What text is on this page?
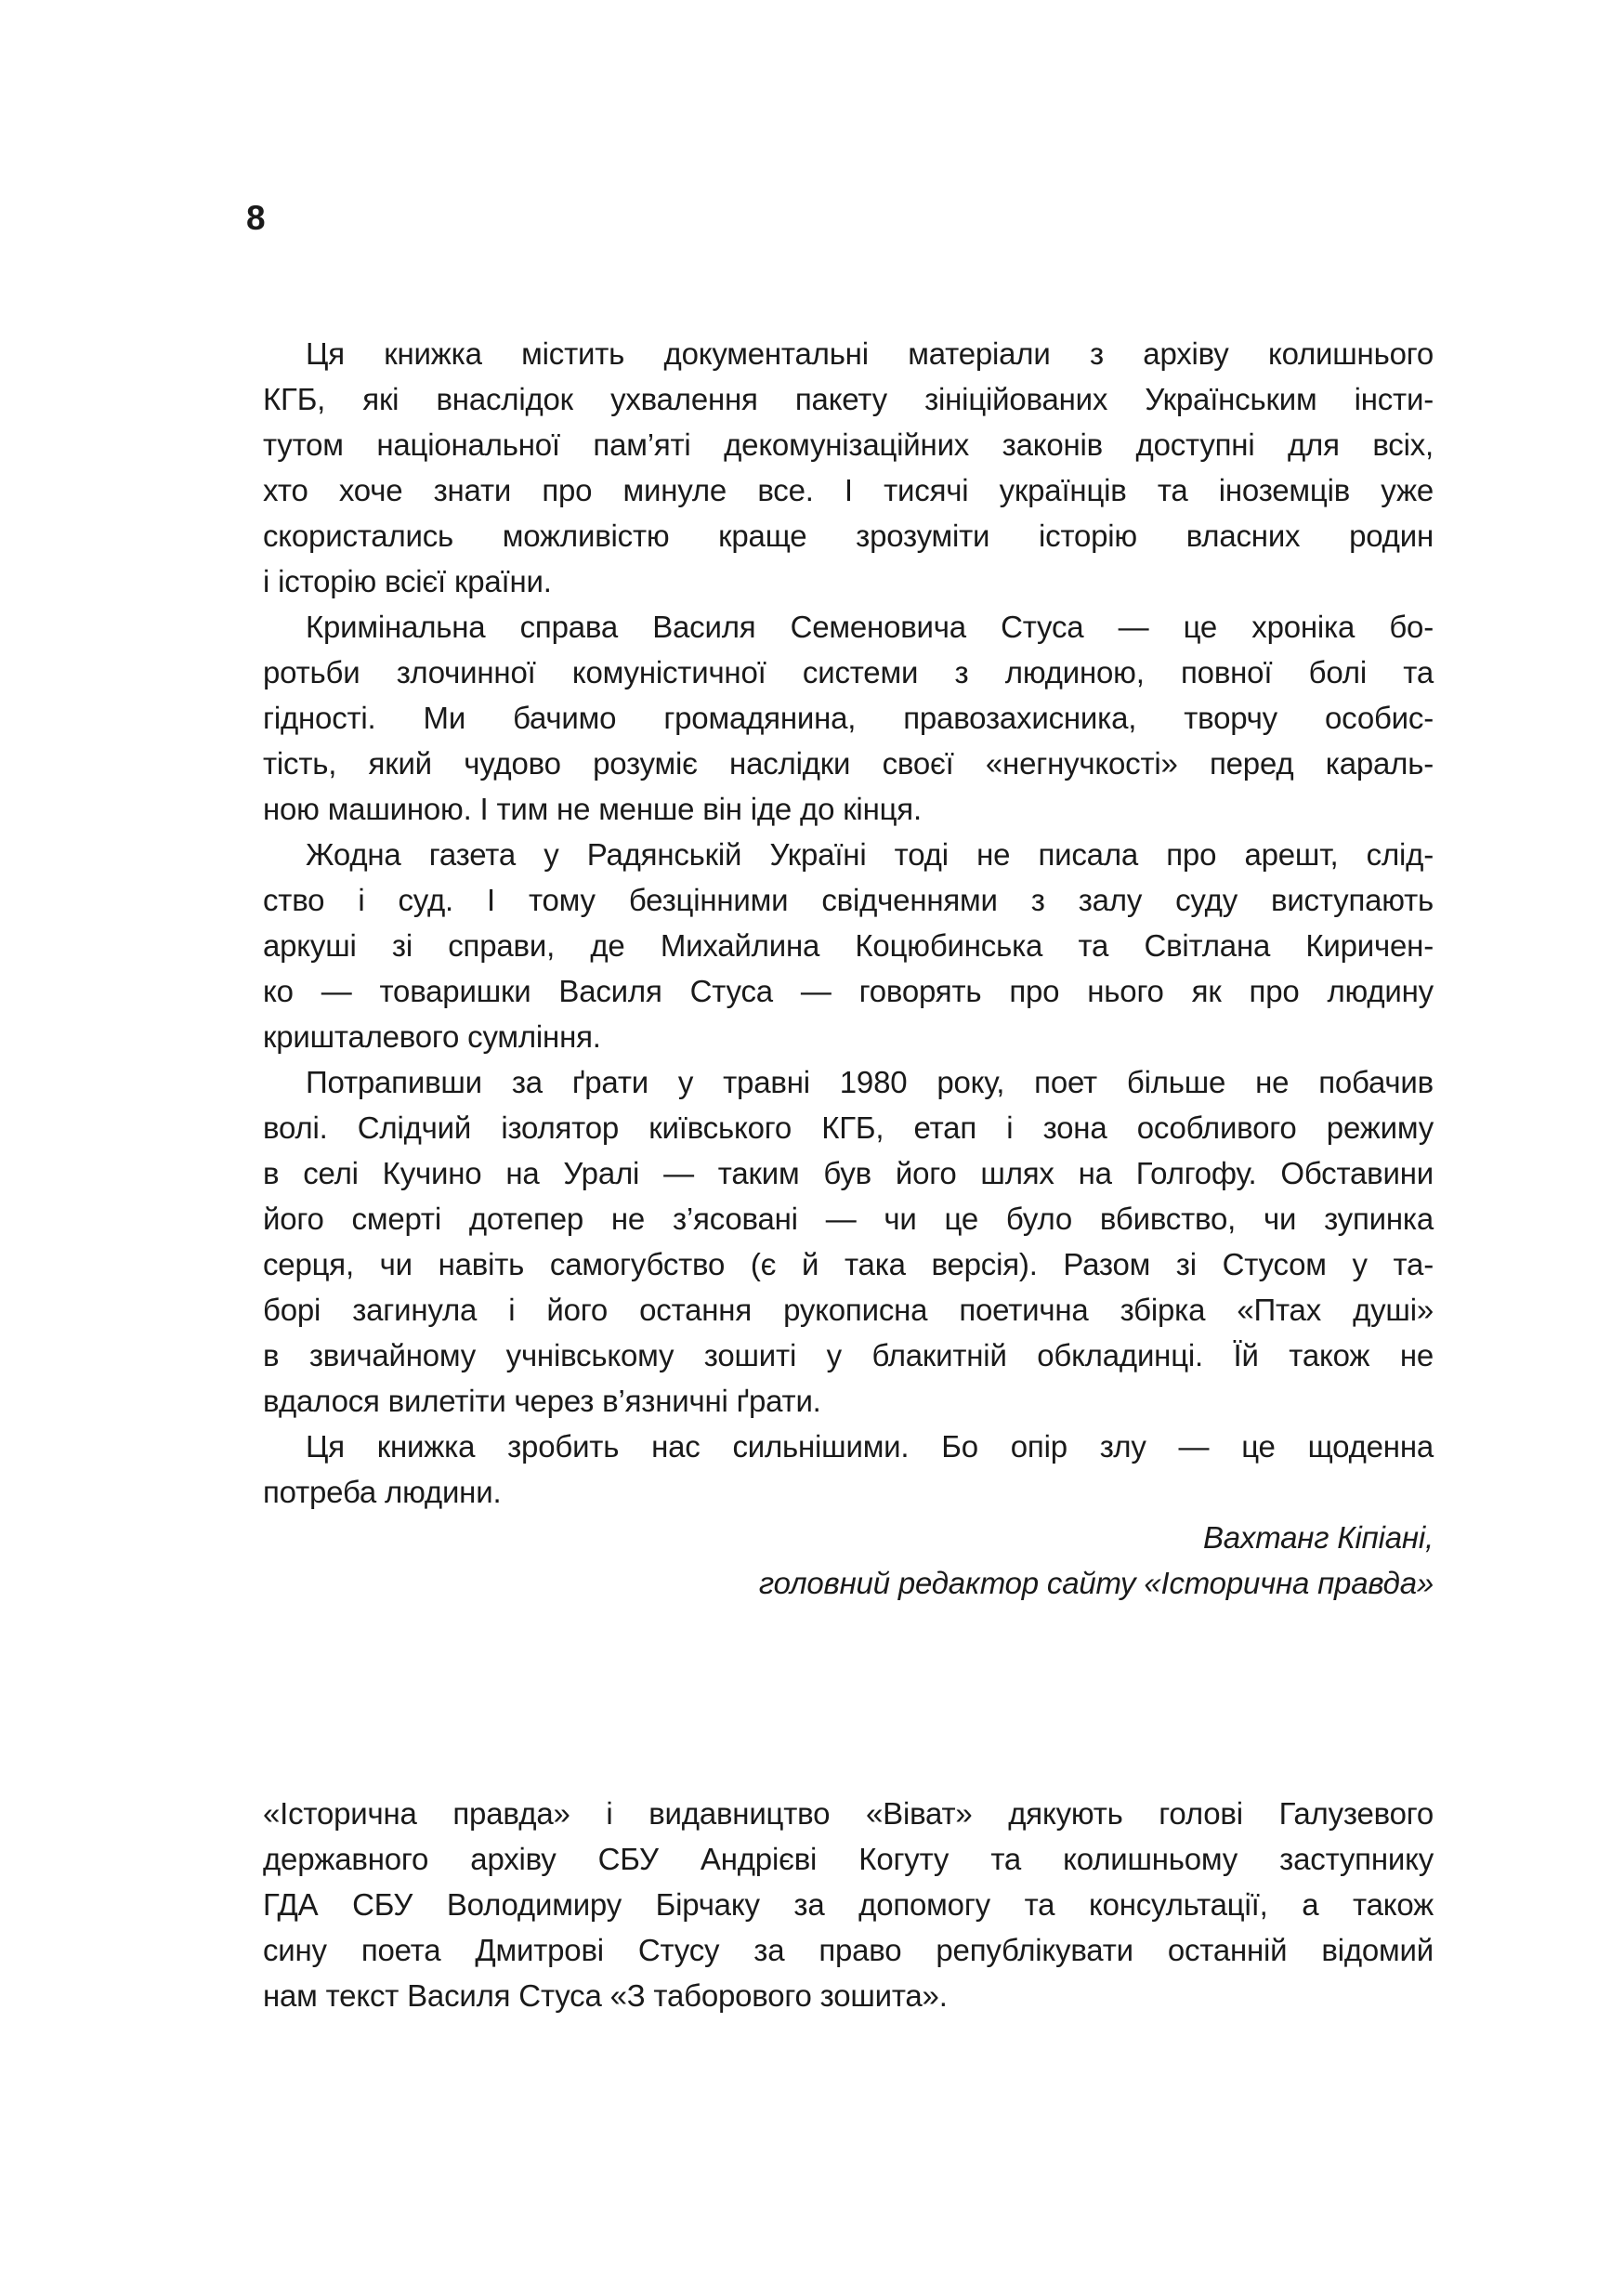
8
Ця книжка містить документальні матеріали з архіву колишнього
КГБ, які внаслідок ухвалення пакету зініційованих Українським інсти-
тутом національної пам’яті декомунізаційних законів доступні для всіх,
хто хоче знати про минуле все. І тисячі українців та іноземців уже
скористались можливістю краще зрозуміти історію власних родин
і історію всієї країни.
Кримінальна справа Василя Семеновича Стуса — це хроніка бо-
ротьби злочинної комуністичної системи з людиною, повної болі та
гідності. Ми бачимо громадянина, правозахисника, творчу особис-
тість, який чудово розуміє наслідки своєї «негнучкості» перед караль-
ною машиною. І тим не менше він іде до кінця.
Жодна газета у Радянській Україні тоді не писала про арешт, слід-
ство і суд. І тому безцінними свідченнями з залу суду виступають
аркуші зі справи, де Михайлина Коцюбинська та Світлана Киричен-
ко — товаришки Василя Стуса — говорять про нього як про людину
кришталевого сумління.
Потрапивши за ґрати у травні 1980 року, поет більше не побачив
волі. Слідчий ізолятор київського КГБ, етап і зона особливого режиму
в селі Кучино на Уралі — таким був його шлях на Голгофу. Обставини
його смерті дотепер не з’ясовані — чи це було вбивство, чи зупинка
серця, чи навіть самогубство (є й така версія). Разом зі Стусом у та-
борі загинула і його остання рукописна поетична збірка «Птах душі»
в звичайному учнівському зошиті у блакитній обкладинці. Їй також не
вдалося вилетіти через в’язничні ґрати.
Ця книжка зробить нас сильнішими. Бо опір злу — це щоденна
потреба людини.
Вахтанг Кіпіані,
головний редактор сайту «Історична правда»
«Історична правда» і видавництво «Віват» дякують голові Галузевого
державного архіву СБУ Андрієві Когуту та колишньому заступнику
ГДА СБУ Володимиру Бірчаку за допомогу та консультації, а також
сину поета Дмитрові Стусу за право републікувати останній відомий
нам текст Василя Стуса «З таборового зошита».
